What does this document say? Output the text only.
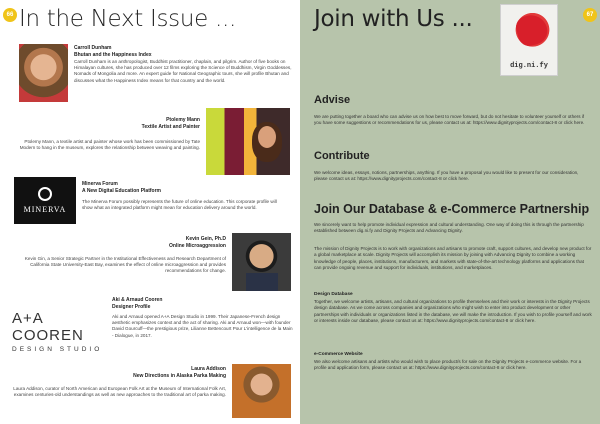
66 In the Next Issue ...
Carroll Dunham
Bhutan and the Happiness Index
Carroll Dunham is an anthropologist, Buddhist practitioner, chaplain, and pilgrim. Author of five books on Himalayan cultures, she has produced over 12 films exploring the Science of Buddhism, Virgin Goddesses, Nomads of Mongolia and more. An expert guide for National Geographic tours, she will profile Bhutan and discusses what the Happiness Index means for that country and the world.
Ptolemy Mann
Textile Artist and Painter
Ptolemy Mann, a textile artist and painter whose work has been commissioned by Tate Modern to hang in the museum, explores the relationship between weaving and painting.
MINERVA
Minerva Forum
A New Digital Education Platform
The Minerva Forum possibly represents the future of online education. This corporate profile will show what an integrated platform might mean for education delivery around the world.
Kevin Gein, Ph.D
Online Microaggression
Kevin Gin, a Senior Strategic Partner in the Institutional Effectiveness and Research Department of California State University-East Bay, examines the effect of online microaggression and provides recommendations for change.
Aki & Arnaud Cooren
Designer Profile
A+A COOREN
DESIGN STUDIO
Aki and Arnaud opened A+A Design Studio in 1999. Their Japanese-French design aesthetic emphasizes context and the act of sharing. Aki and Arnaud won—with founder David Gourcuff—the prestigious prize, Lilianne Bettencourt Pour L'intelligence de la Main - Dialogue, in 2017.
Laura Addison
New Directions in Alaska Parka Making
Laura Addison, curator of North American and European Folk Art at the Museum of International Folk Art, examines centuries-old understandings as well as new approaches to the traditional art of parka making.
67
Join with Us ...
dig.ni.fy
Advise
We are putting together a board who can advise us on how best to move forward, but do not hesitate to volunteer yourself or others if you have some suggestions or recommendations for us, please contact us at: https://www.dignityprojects.com/contact-8 or click here.
Contribute
We welcome ideas, essays, notions, partnerships, anything. If you have a proposal you would like to present for our consideration, please contact us at: https://www.dignityprojects.com/contact-8 or click here.
Join Our Database & e-Commerce Partnership
We sincerely want to help promote individual expression and cultural understanding. One way of doing this is through the partnership established between dig.ni.fy and Dignity Projects and Advancing Dignity.
The mission of Dignity Projects is to work with organizations and artisans to promote craft, support cultures, and develop new product for a global marketplace at scale. Dignity Projects will accomplish its mission by joining with Advancing Dignity to combine a working knowledge of people, places, institutions, manufacturers, and markets with state-of-the-art technology platforms and applications that can provide ongoing revenue and support for individuals, institutions, and marketplaces.
Design Database
Together, we welcome artists, artisans, and cultural organizations to profile themselves and their work or interests in the Dignity Projects design database. As we come across companies and organizations who might wish to enter into product development or other partnerships with individuals or organizations listed in the database, we will make the introduction. If you wish to profile yourself and work or interests inside our database, please contact us at: https://www.dignityprojects.com/contact-8 or click here.
e-Commerce Website
We also welcome artisans and artists who would wish to place product/s for sale on the Dignity Projects e-commerce website. For a profile and application form, please contact us at: https://www.dignityprojects.com/contact-8 or click here.
